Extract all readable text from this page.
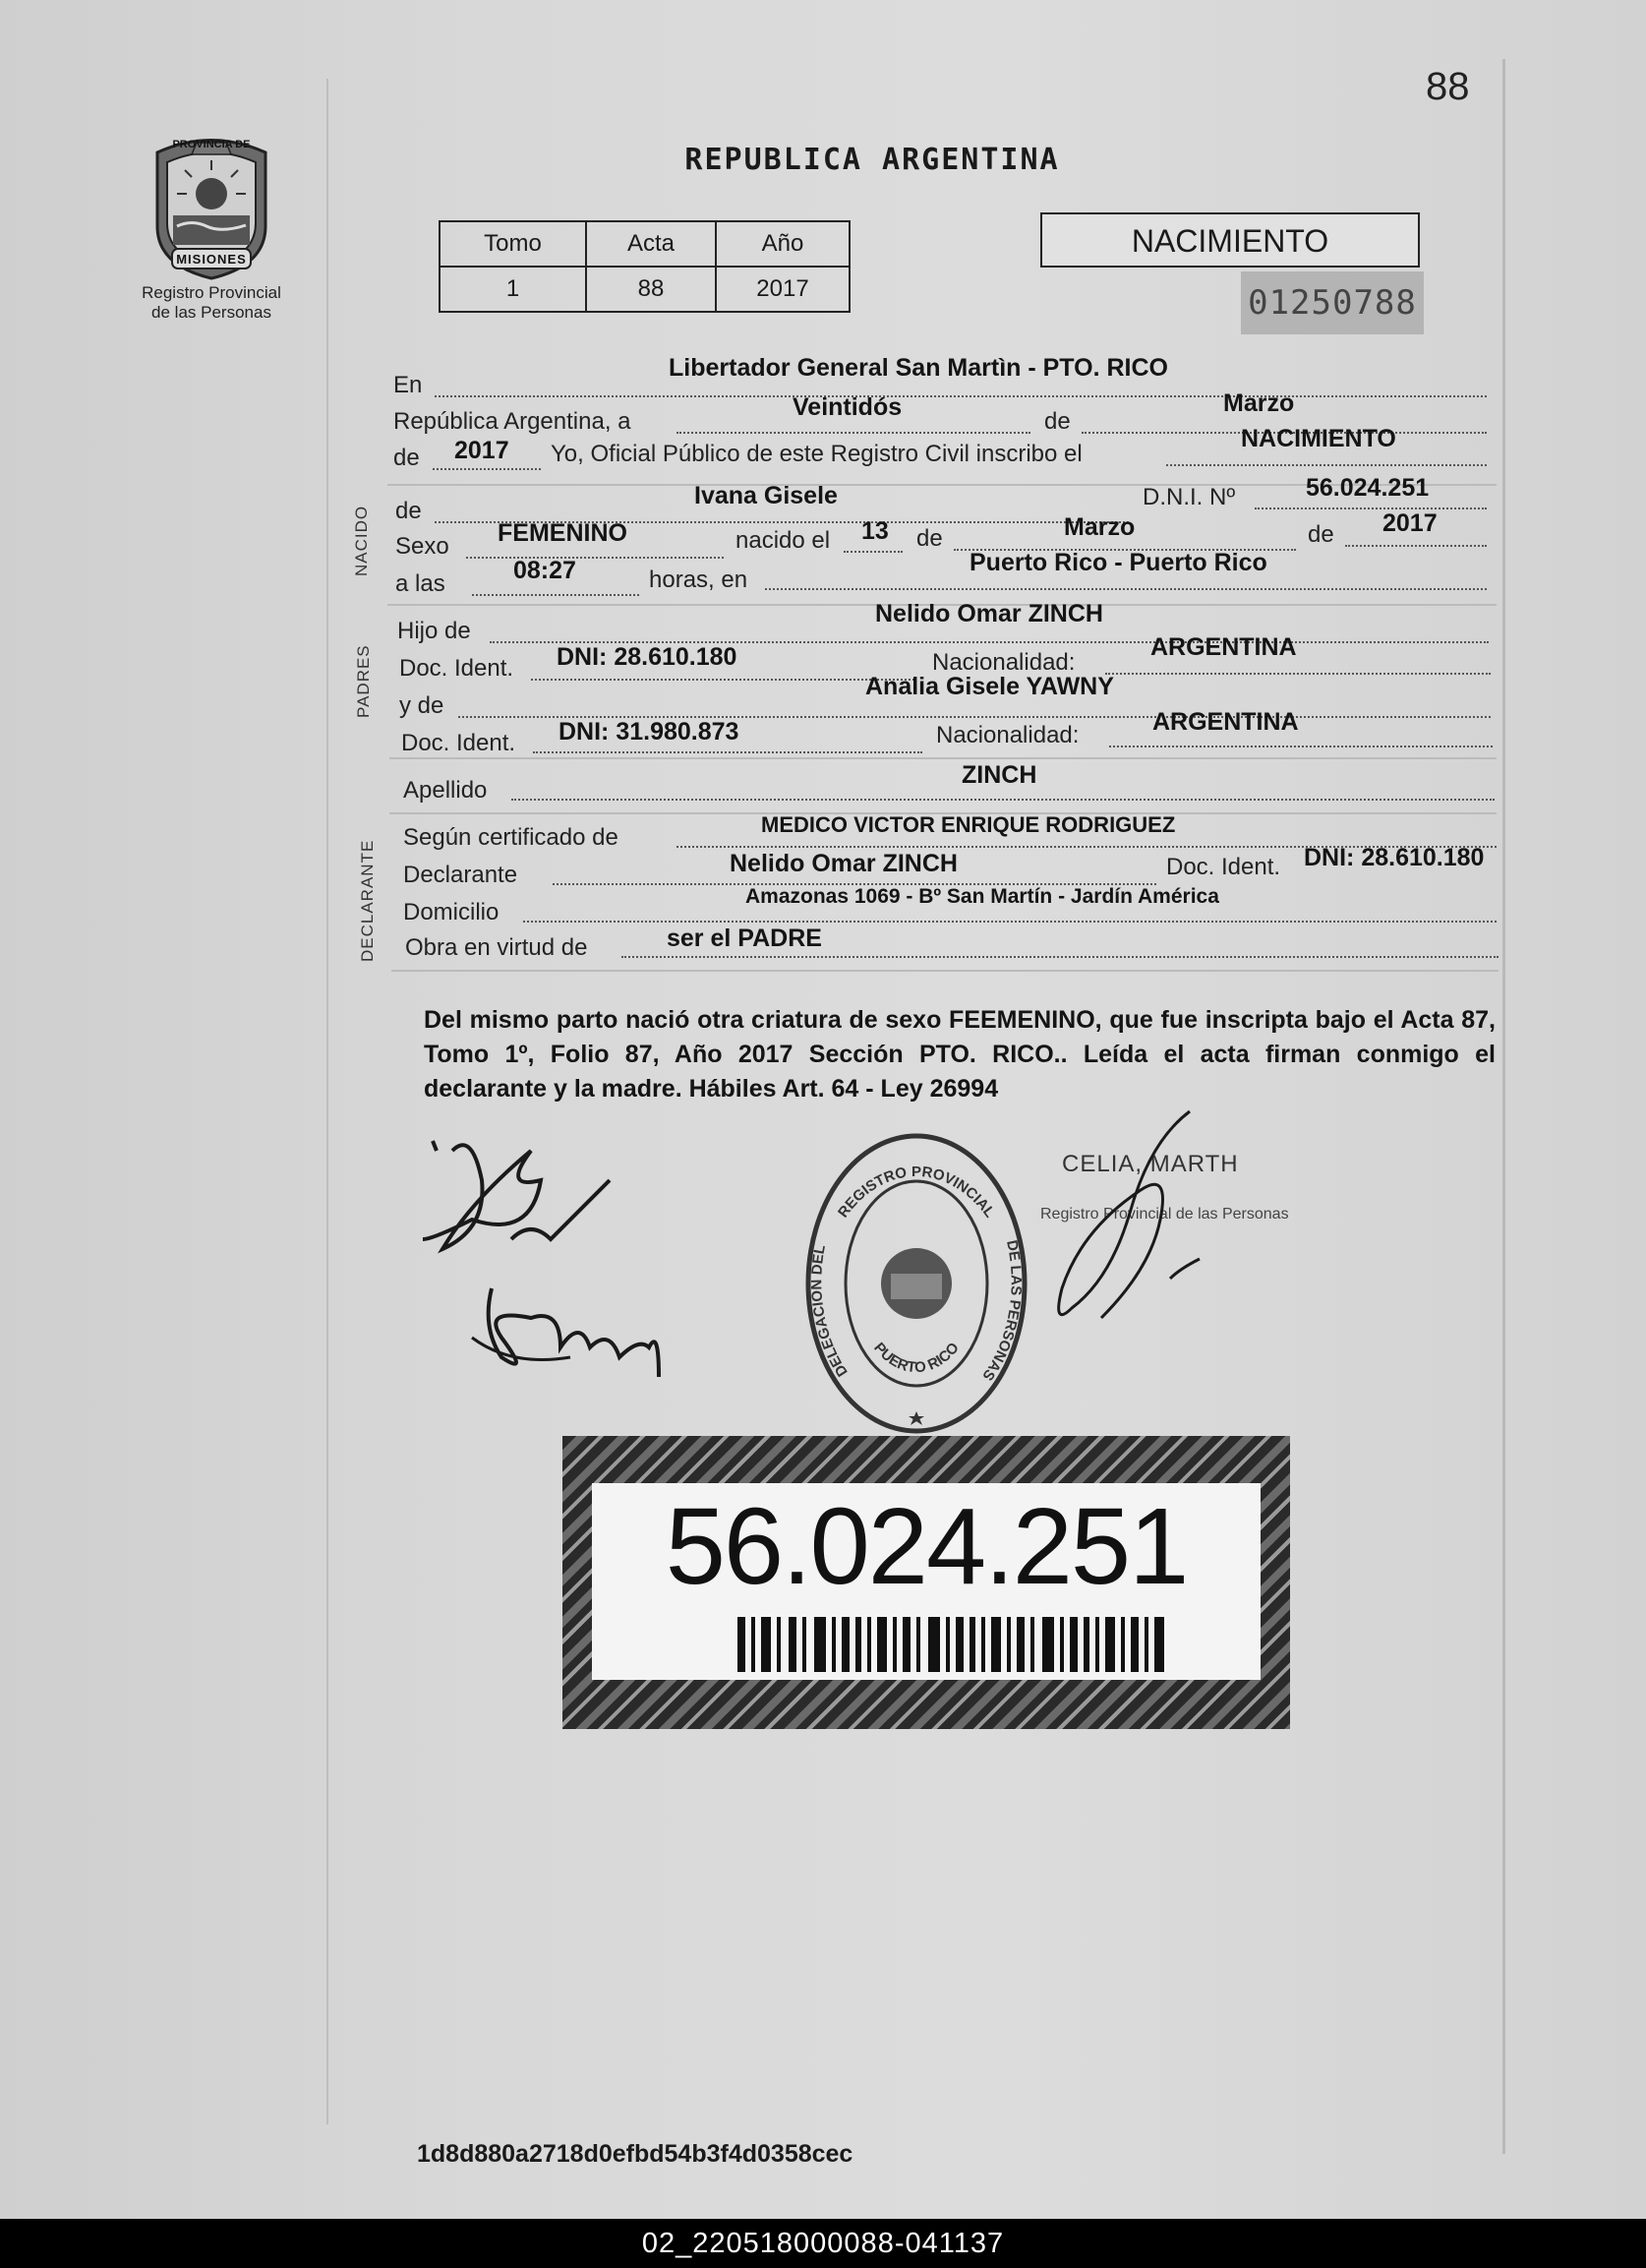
88
Registro Provincial
de las Personas
PROVINCIA DE
MISIONES
REPUBLICA ARGENTINA
Tomo	Acta	Año
1	88	2017
NACIMIENTO
01250788
En
Libertador General San Martìn - PTO. RICO
República Argentina, a
Veintidós
de
Marzo
de 2017 Yo, Oficial Público de este Registro Civil inscribo el
NACIMIENTO
NACIDO de
Ivana Gisele	D.N.I. Nº	56.024.251
Sexo FEMENINO	nacido el 13 de	Marzo	de 2017
a las	08:27	horas, en
Puerto Rico - Puerto Rico
PADRES
Hijo de
Nelido Omar ZINCH
Doc. Ident. DNI: 28.610.180	Nacionalidad:
ARGENTINA
y de
Analia Gisele YAWNY
Doc. Ident. DNI: 31.980.873	Nacionalidad:	ARGENTINA
Apellido
ZINCH
DECLARANTE
Según certificado de	MEDICO VICTOR ENRIQUE RODRIGUEZ
Declarante	Nelido Omar ZINCH	Doc. Ident. DNI: 28.610.180
Domicilio
Amazonas 1069 - Bº San Martín - Jardín América
Obra en virtud de	ser el PADRE
Del mismo parto nació otra criatura de sexo FEEMENINO, que fue inscripta bajo el Acta 87, Tomo 1º, Folio 87, Año 2017 Sección PTO. RICO.. Leída el acta firman conmigo el declarante y la madre. Hábiles Art. 64 - Ley 26994
REGISTRO PROVINCIAL
DELEGACION DEL	DE LAS PERSONAS
PUERTO RICO
CELIA, MARTH
Registro Provincial de las Personas
56.024.251
1d8d880a2718d0efbd54b3f4d0358cec
02_220518000088-041137
